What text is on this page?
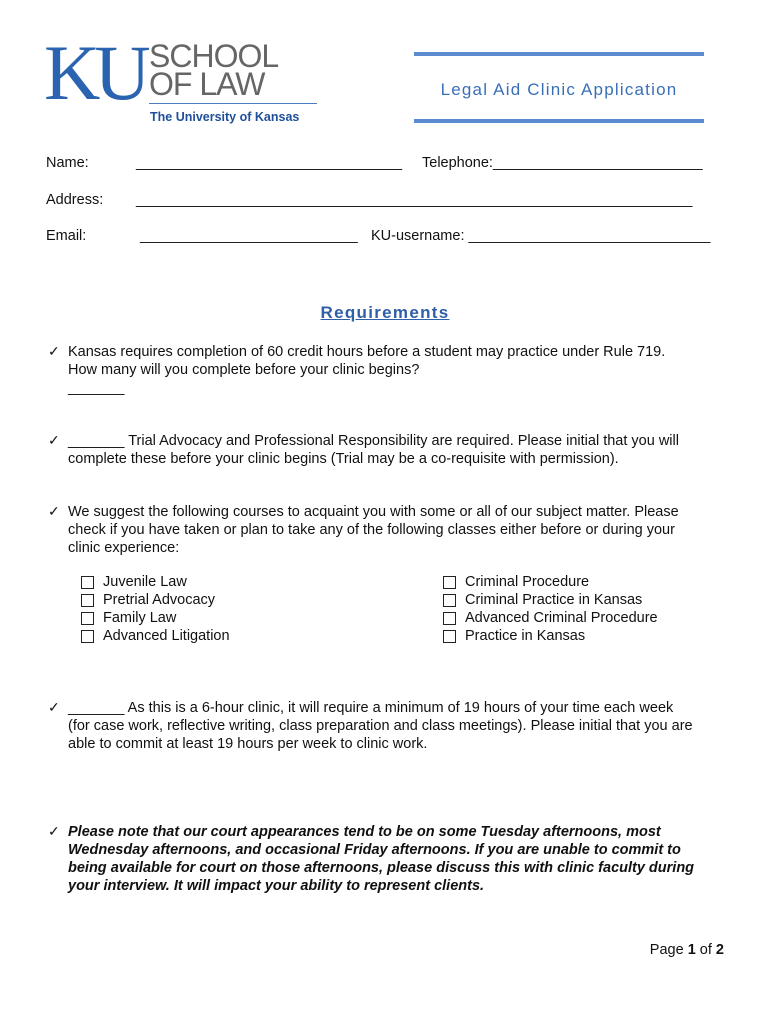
KU SCHOOL
OF LAW
The University of Kansas
Legal Aid Clinic Application
Name:	_________________________________ Telephone:__________________________
Address: _____________________________________________________________________
Email:	___________________________ KU-username: ______________________________
Requirements
✓ Kansas requires completion of 60 credit hours before a student may practice under Rule 719.
How many will you complete before your clinic begins?
_______
✓ _______ Trial Advocacy and Professional Responsibility are required. Please initial that you will
complete these before your clinic begins (Trial may be a co-requisite with permission).
✓ We suggest the following courses to acquaint you with some or all of our subject matter. Please
check if you have taken or plan to take any of the following classes either before or during your
clinic experience:
Juvenile Law
Pretrial Advocacy
Family Law
Advanced Litigation
Criminal Procedure
Criminal Practice in Kansas
Advanced Criminal Procedure
Practice in Kansas
✓ _______ As this is a 6-hour clinic, it will require a minimum of 19 hours of your time each week
(for case work, reflective writing, class preparation and class meetings). Please initial that you are
able to commit at least 19 hours per week to clinic work.
✓ Please note that our court appearances tend to be on some Tuesday afternoons, most
Wednesday afternoons, and occasional Friday afternoons. If you are unable to commit to
being available for court on those afternoons, please discuss this with clinic faculty during
your interview. It will impact your ability to represent clients.
Page 1 of 2
